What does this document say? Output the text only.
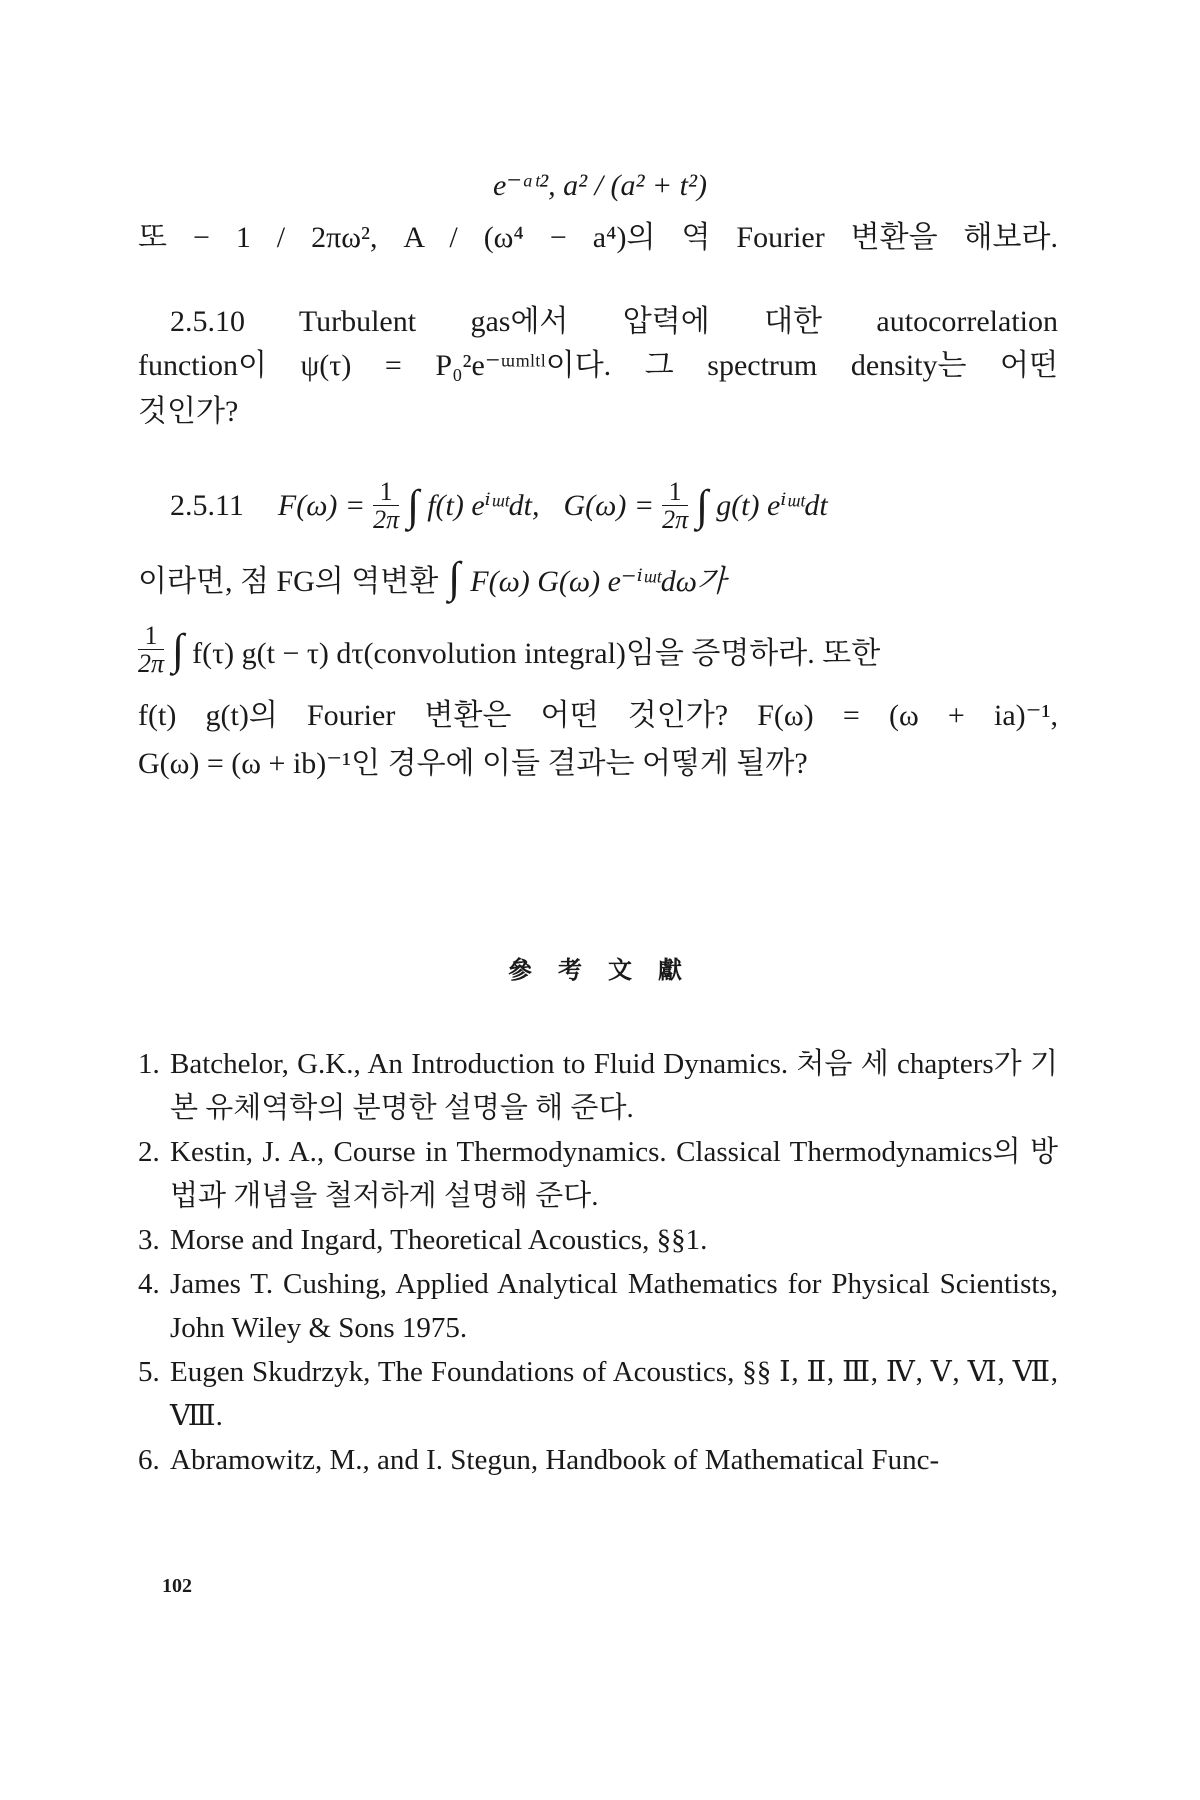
e⁻ᵃᵗ², a² / (a² + t²)
또 − 1 / 2πω², A / (ω⁴ − a⁴)의 역 Fourier 변환을 해보라.
2.5.10 Turbulent gas에서 압력에 대한 autocorrelation
function이 ψ(τ) = P₀²e⁻ᵚᵐˡᵗˡ이다. 그 spectrum density는 어떤
것인가?
2.5.11 $F(\omega) = \frac{1}{2\pi}$ ∫ f(t) eⁱᵚᵗdt, $G(\omega) = \frac{1}{2\pi}$ ∫ g(t) eⁱᵚᵗdt
이라면, 점 FG의 역변환 ∫ F(ω) G(ω) e⁻ⁱᵚᵗdω가
$\frac{1}{2\pi}$ ∫ f(τ) g(t − τ) dτ(convolution integral)임을 증명하라. 또한
f(t) g(t)의 Fourier 변환은 어떤 것인가? F(ω) = (ω + ia)⁻¹,
G(ω) = (ω + ib)⁻¹인 경우에 이들 결과는 어떻게 될까?
參 考 文 獻
1. Batchelor, G.K., An Introduction to Fluid Dynamics. 처음 세 chapters가 기본 유체역학의 분명한 설명을 해 준다.
2. Kestin, J. A., Course in Thermodynamics. Classical Thermodynamics의 방법과 개념을 철저하게 설명해 준다.
3. Morse and Ingard, Theoretical Acoustics, §§1.
4. James T. Cushing, Applied Analytical Mathematics for Physical Scientists, John Wiley & Sons 1975.
5. Eugen Skudrzyk, The Foundations of Acoustics, §§ Ⅰ, Ⅱ, Ⅲ, Ⅳ, Ⅴ, Ⅵ, Ⅶ, Ⅷ.
6. Abramowitz, M., and I. Stegun, Handbook of Mathematical Func-
102
